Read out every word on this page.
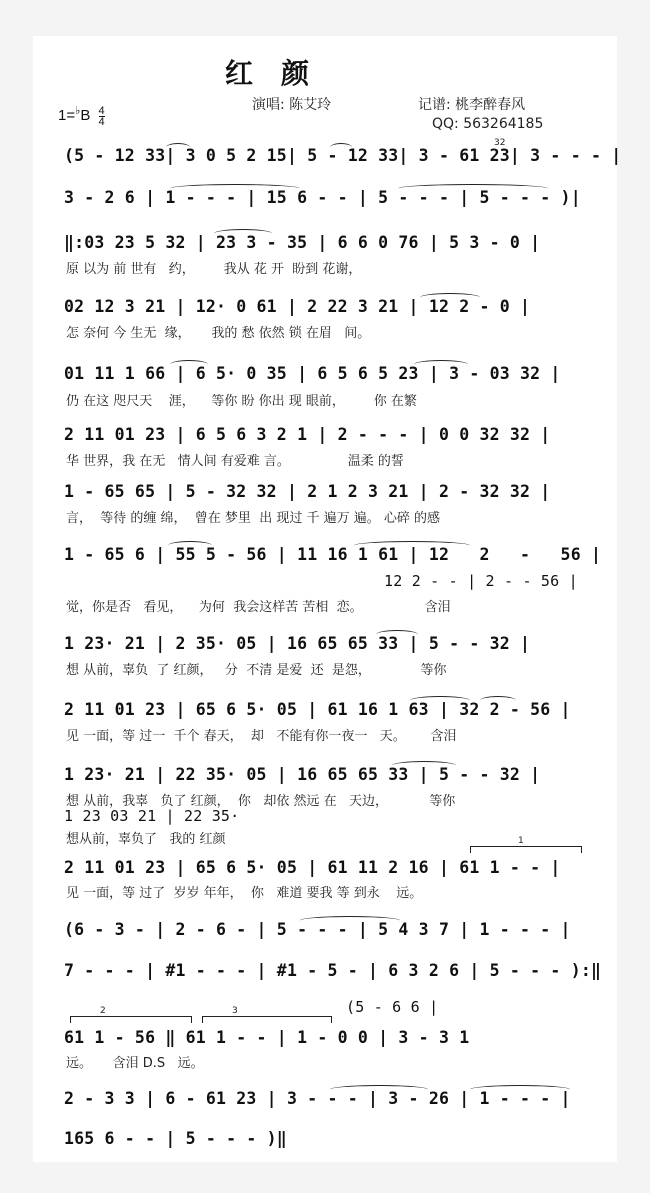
红颜
演唱: 陈艾玲	记谱: 桃李醉春风
QQ: 563264185
$1=^♭B \frac{4}{4}$
(5 - 12 33| 3 0 5 2 15| 5 - 12 33| 3 - 61 23| 3 - - - |
32
3 - 2 6 | 1 - - - | 15 6 - - | 5 - - - | 5 - - - )|
‖:03 23 5 32 | 23 3 - 35 | 6 6 0 76 | 5 3 - 0 |
原 以为 前 世有   约，       我从 花 开  盼到 花谢，
02 12 3 21 | 12· 0 61 | 2 22 3 21 | 12 2 - 0 |
怎 奈何 今 生无  缘，     我的 愁 依然 锁 在眉   间。
01 11 1 66 | 6 5· 0 35 | 6 5 6 5 23 | 3 - 03 32 |
仍 在这 咫尺天    涯，    等你 盼 你出 现 眼前，       你 在繁
2 11 01 23 | 6 5 6 3 2 1 | 2 - - - | 0 0 32 32 |
华 世界，我 在无   情人间 有爱难 言。              温柔 的誓
1 - 65 65 | 5 - 32 32 | 2 1 2 3 21 | 2 - 32 32 |
言，  等待 的缠 绵，  曾在 梦里  出 现过 千 遍万 遍。 心碎 的感
1 - 65 6 | 55 5 - 56 | 11 16 1 61 | 12   2   -   56 |
12 2 - - | 2 - - 56 |
觉，你是否   看见，    为何  我会这样苦 苦相  恋。               含泪
1 23· 21 | 2 35· 05 | 16 65 65 33 | 5 - - 32 |
想 从前，辜负  了 红颜，   分  不清 是爱  还  是怨，            等你
2 11 01 23 | 65 6 5· 05 | 61 16 1 63 | 32 2 - 56 |
见 一面，等 过一  千个 春天，  却   不能有你一夜一   天。      含泪
1 23· 21 | 22 35· 05 | 16 65 65 33 | 5 - - 32 |
想 从前，我辜   负了 红颜，  你   却依 然远 在   天边，          等你
1 23 03 21 | 22 35·
想从前，辜负了   我的 红颜	1
2 11 01 23 | 65 6 5· 05 | 61 11 2 16 | 61 1 - - |
见 一面，等 过了  岁岁 年年，  你   难道 要我 等 到永    远。
(6 - 3 - | 2 - 6 - | 5 - - - | 5 4 3 7 | 1 - - - |
7 - - - | #1 - - - | #1 - 5 - | 6 3 2 6 | 5 - - - ):‖
2	3	(5 - 6 6 |
61 1 - 56 ‖ 61 1 - - | 1 - 0 0 | 3 - 3 1
远。     含泪 D.S   远。
2 - 3 3 | 6 - 61 23 | 3 - - - | 3 - 26 | 1 - - - |
165 6 - - | 5 - - - )‖
